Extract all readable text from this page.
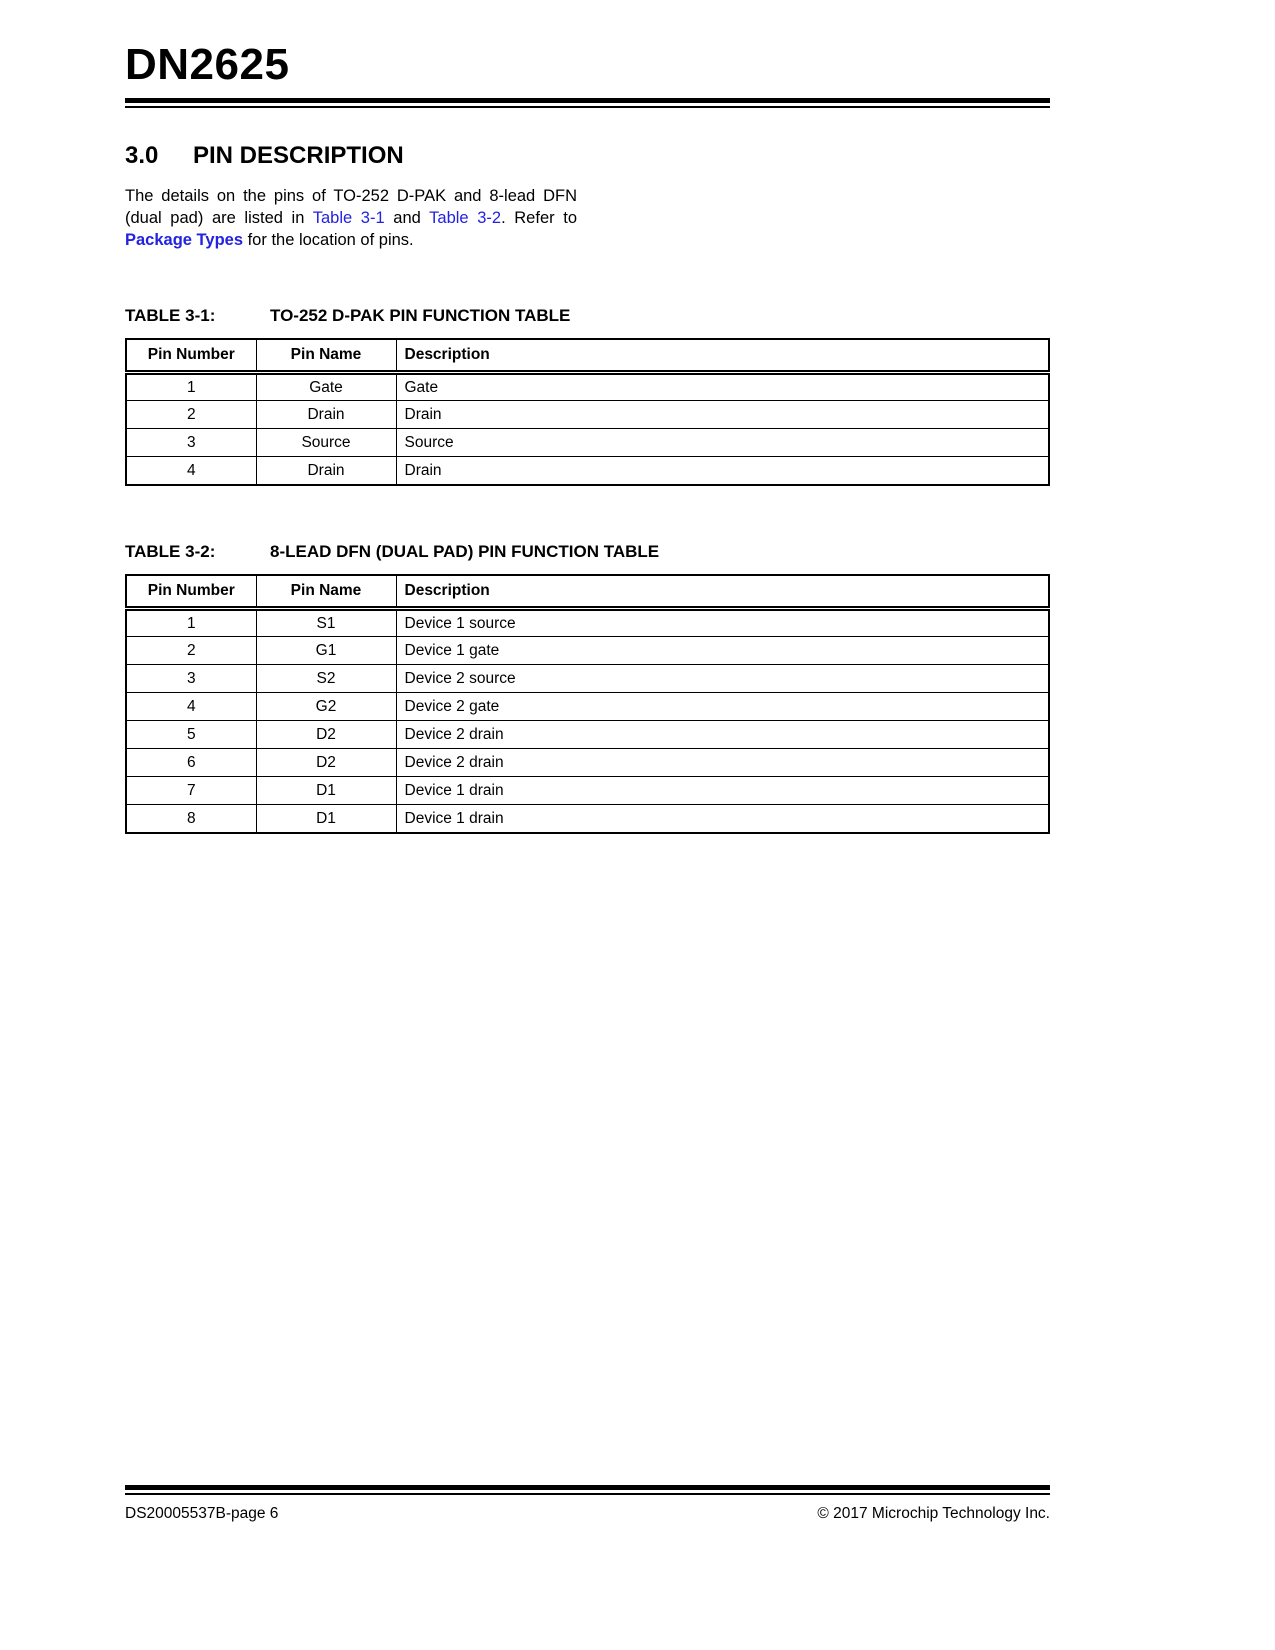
DN2625
3.0 PIN DESCRIPTION

The details on the pins of TO-252 D-PAK and 8-lead DFN (dual pad) are listed in Table 3-1 and Table 3-2. Refer to Package Types for the location of pins.

TABLE 3-1:	TO-252 D-PAK PIN FUNCTION TABLE
Pin Number	Pin Name	Description
1	Gate	Gate
2	Drain	Drain
3	Source	Source
4	Drain	Drain
TABLE 3-2:	8-LEAD DFN (DUAL PAD) PIN FUNCTION TABLE
Pin Number	Pin Name	Description
1	S1	Device 1 source
2	G1	Device 1 gate
3	S2	Device 2 source
4	G2	Device 2 gate
5	D2	Device 2 drain
6	D2	Device 2 drain
7	D1	Device 1 drain
8	D1	Device 1 drain
DS20005537B-page 6	© 2017 Microchip Technology Inc.
